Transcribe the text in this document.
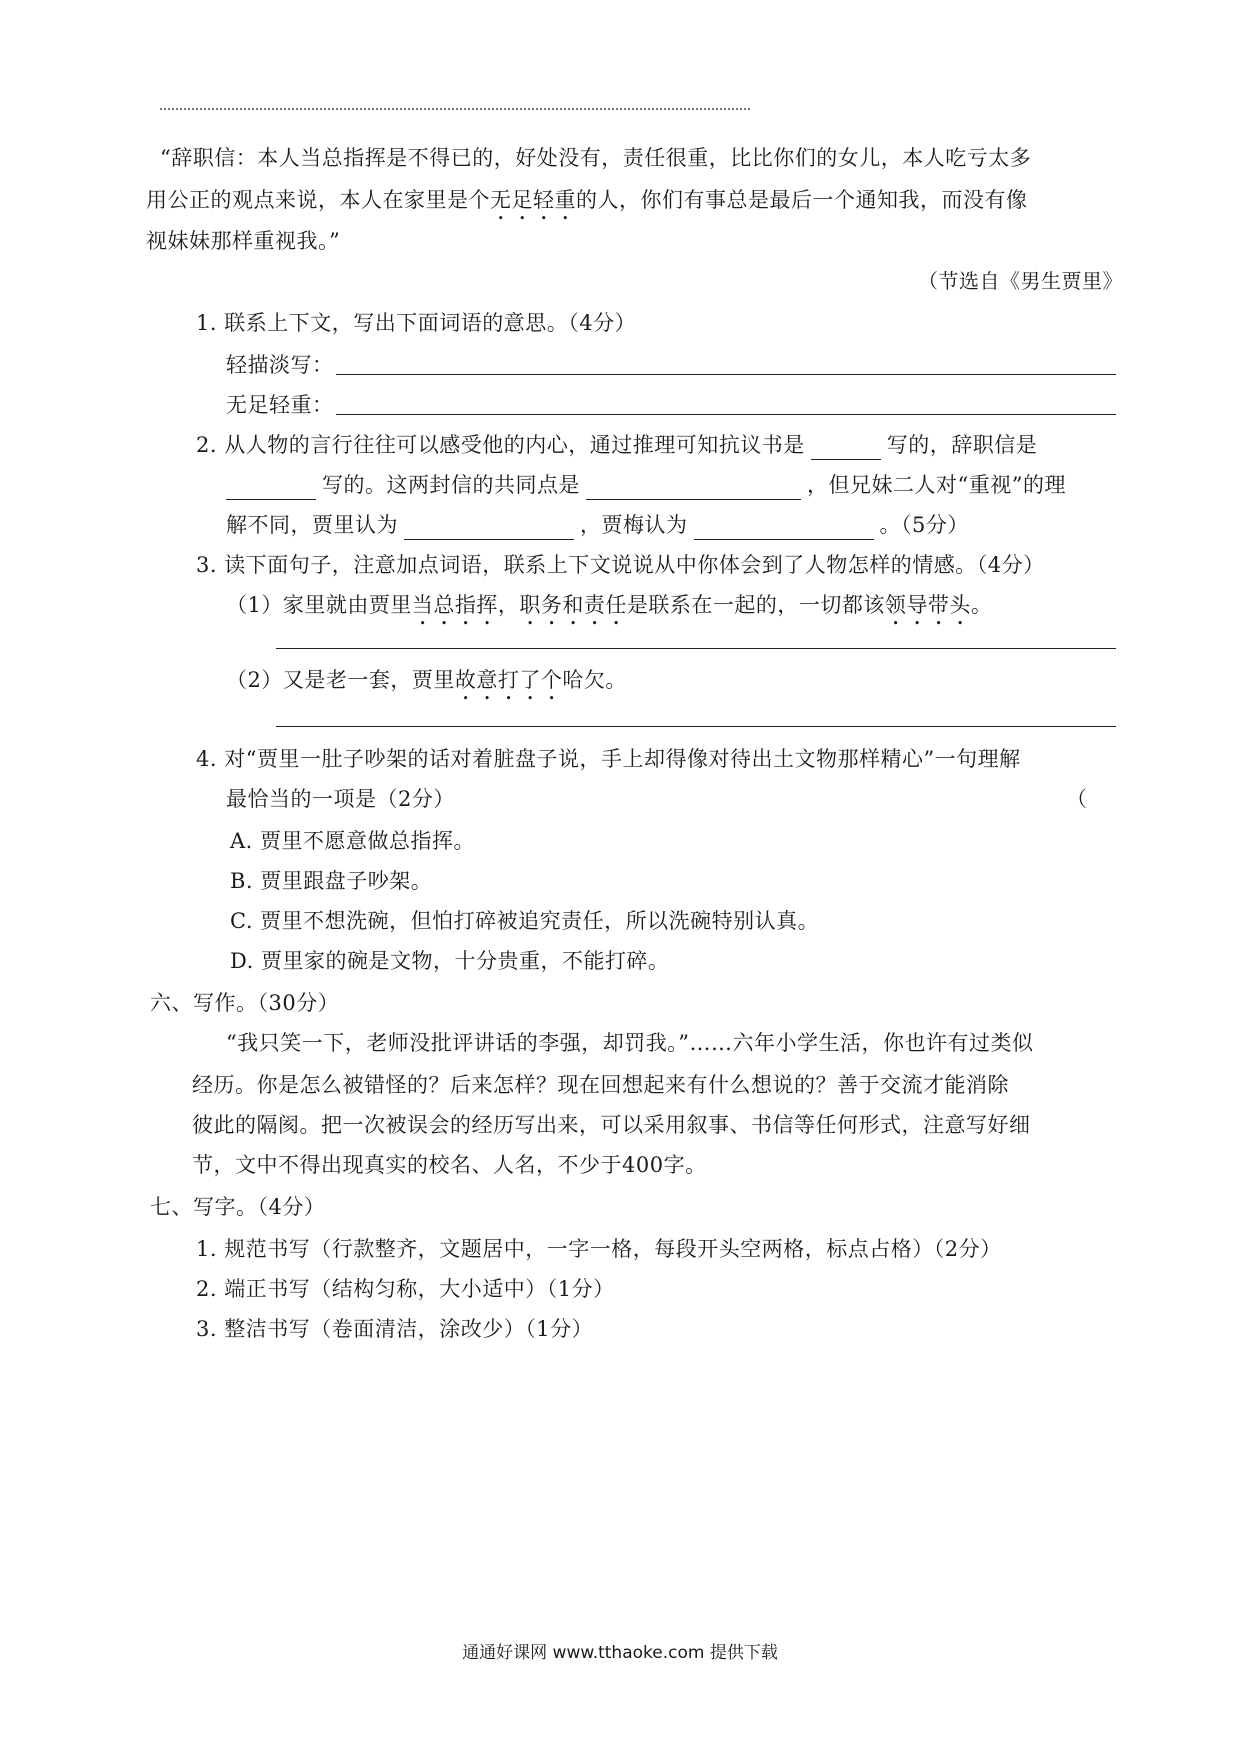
“辞职信：本人当总指挥是不得已的，好处没有，责任很重，比比你们的女儿，本人吃亏太多
用公正的观点来说，本人在家里是个无足轻重的人，你们有事总是最后一个通知我，而没有像
视妹妹那样重视我。”
（节选自《男生贾里》
1. 联系上下文，写出下面词语的意思。（4分）
轻描淡写：
无足轻重：
2. 从人物的言行往往可以感受他的内心，通过推理可知抗议书是	写的，辞职信是
写的。这两封信的共同点是	，但兄妹二人对“重视”的理
解不同，贾里认为	，贾梅认为	。（5分）
3. 读下面句子，注意加点词语，联系上下文说说从中你体会到了人物怎样的情感。（4分）
（1）家里就由贾里当总指挥，职务和责任是联系在一起的，一切都该领导带头。
（2）又是老一套，贾里故意打了个哈欠。
4. 对“贾里一肚子吵架的话对着脏盘子说，手上却得像对待出土文物那样精心”一句理解
最恰当的一项是（2分）	（
A. 贾里不愿意做总指挥。
B. 贾里跟盘子吵架。
C. 贾里不想洗碗，但怕打碎被追究责任，所以洗碗特别认真。
D. 贾里家的碗是文物，十分贵重，不能打碎。
六、写作。（30分）
“我只笑一下，老师没批评讲话的李强，却罚我。”……六年小学生活，你也许有过类似
经历。你是怎么被错怪的？后来怎样？现在回想起来有什么想说的？善于交流才能消除
彼此的隔阂。把一次被误会的经历写出来，可以采用叙事、书信等任何形式，注意写好细
节，文中不得出现真实的校名、人名，不少于400字。
七、写字。（4分）
1. 规范书写（行款整齐，文题居中，一字一格，每段开头空两格，标点占格）（2分）
2. 端正书写（结构匀称，大小适中）（1分）
3. 整洁书写（卷面清洁，涂改少）（1分）
通通好课网 www.tthaoke.com 提供下载
